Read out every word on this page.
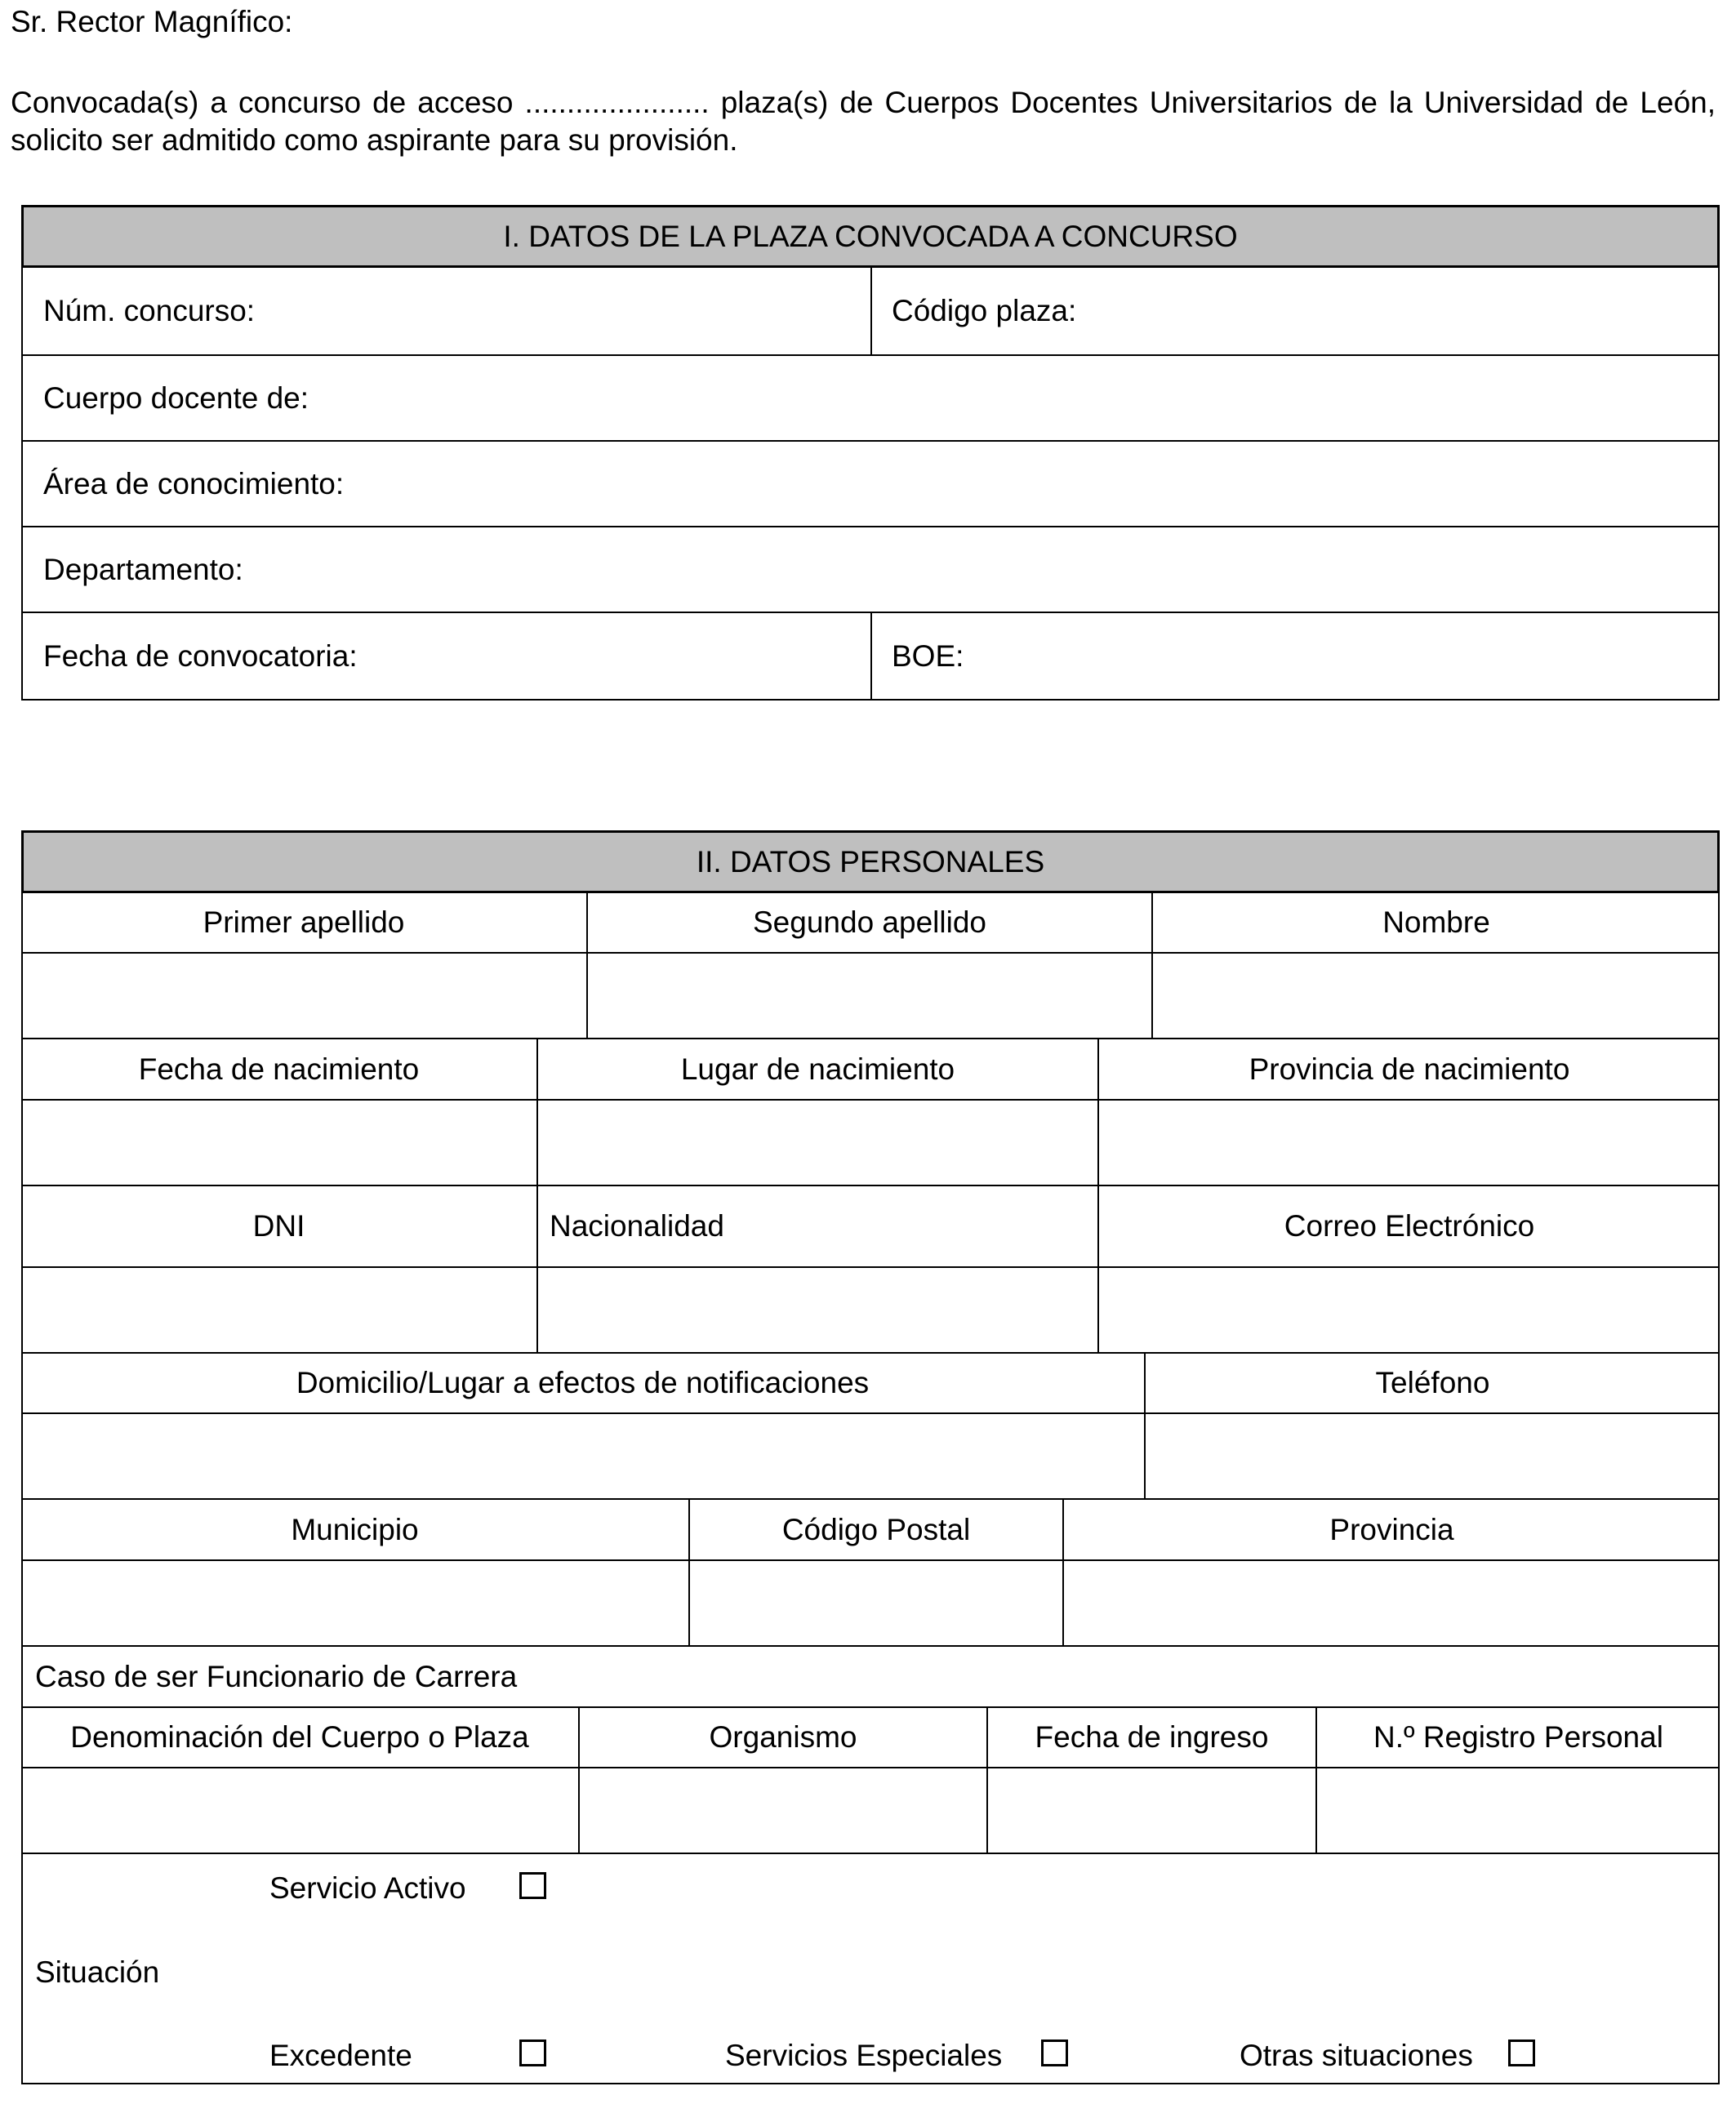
Sr. Rector Magnífico:
Convocada(s) a concurso de acceso ...................... plaza(s) de Cuerpos Docentes Universitarios de la Universidad de León, solicito ser admitido como aspirante para su provisión.
I. DATOS DE LA PLAZA CONVOCADA A CONCURSO
Núm. concurso:	Código plaza:
Cuerpo docente de:
Área de conocimiento:
Departamento:
Fecha de convocatoria:	BOE:
II. DATOS PERSONALES
Primer apellido	Segundo apellido	Nombre
Fecha de nacimiento	Lugar de nacimiento	Provincia de nacimiento
DNI	Nacionalidad	Correo Electrónico
Domicilio/Lugar a efectos de notificaciones	Teléfono
Municipio	Código Postal	Provincia
Caso de ser Funcionario de Carrera
Denominación del Cuerpo o Plaza	Organismo	Fecha de ingreso	N.º Registro Personal
Situación
Servicio Activo
Excedente	Servicios Especiales	Otras situaciones
